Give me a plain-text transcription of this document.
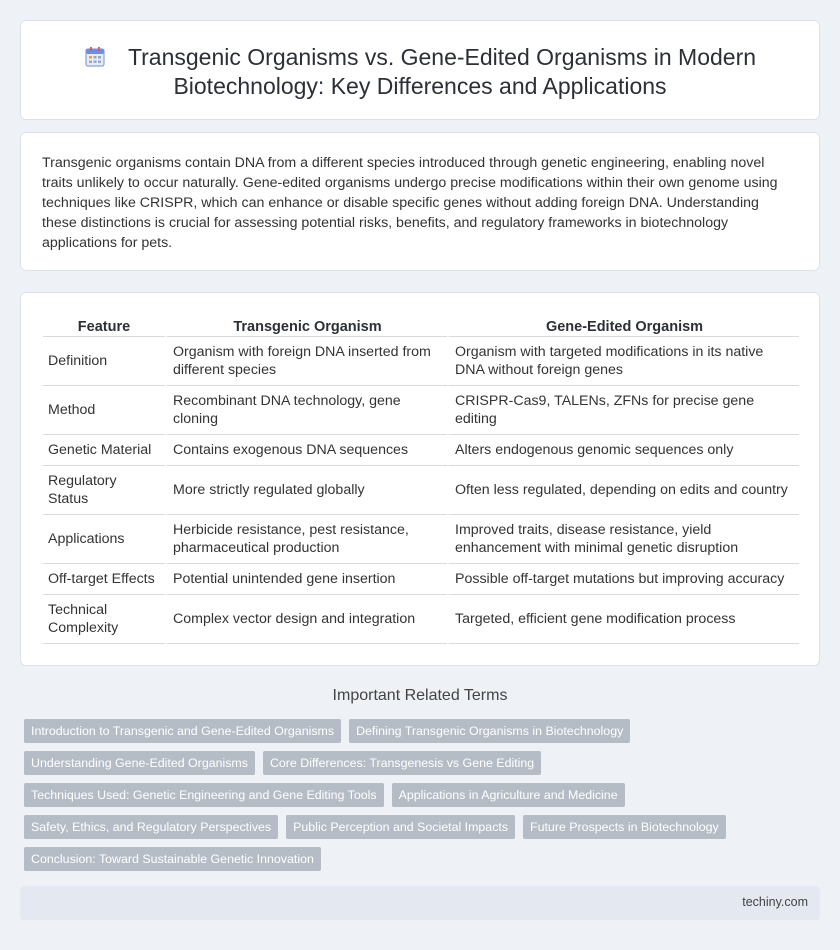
Transgenic Organisms vs. Gene-Edited Organisms in Modern
Biotechnology: Key Differences and Applications

Transgenic organisms contain DNA from a different species introduced through genetic engineering, enabling novel traits unlikely to occur naturally. Gene-edited organisms undergo precise modifications within their own genome using techniques like CRISPR, which can enhance or disable specific genes without adding foreign DNA. Understanding these distinctions is crucial for assessing potential risks, benefits, and regulatory frameworks in biotechnology applications for pets.

Feature	Transgenic Organism	Gene-Edited Organism
Definition	Organism with foreign DNA inserted from different species	Organism with targeted modifications in its native DNA without foreign genes
Method	Recombinant DNA technology, gene cloning	CRISPR-Cas9, TALENs, ZFNs for precise gene editing
Genetic Material	Contains exogenous DNA sequences	Alters endogenous genomic sequences only
Regulatory Status	More strictly regulated globally	Often less regulated, depending on edits and country
Applications	Herbicide resistance, pest resistance, pharmaceutical production	Improved traits, disease resistance, yield enhancement with minimal genetic disruption
Off-target Effects	Potential unintended gene insertion	Possible off-target mutations but improving accuracy
Technical Complexity	Complex vector design and integration	Targeted, efficient gene modification process
Important Related Terms
Introduction to Transgenic and Gene-Edited Organisms	Defining Transgenic Organisms in Biotechnology
Understanding Gene-Edited Organisms	Core Differences: Transgenesis vs Gene Editing
Techniques Used: Genetic Engineering and Gene Editing Tools	Applications in Agriculture and Medicine
Safety, Ethics, and Regulatory Perspectives	Public Perception and Societal Impacts	Future Prospects in Biotechnology
Conclusion: Toward Sustainable Genetic Innovation
techiny.com
